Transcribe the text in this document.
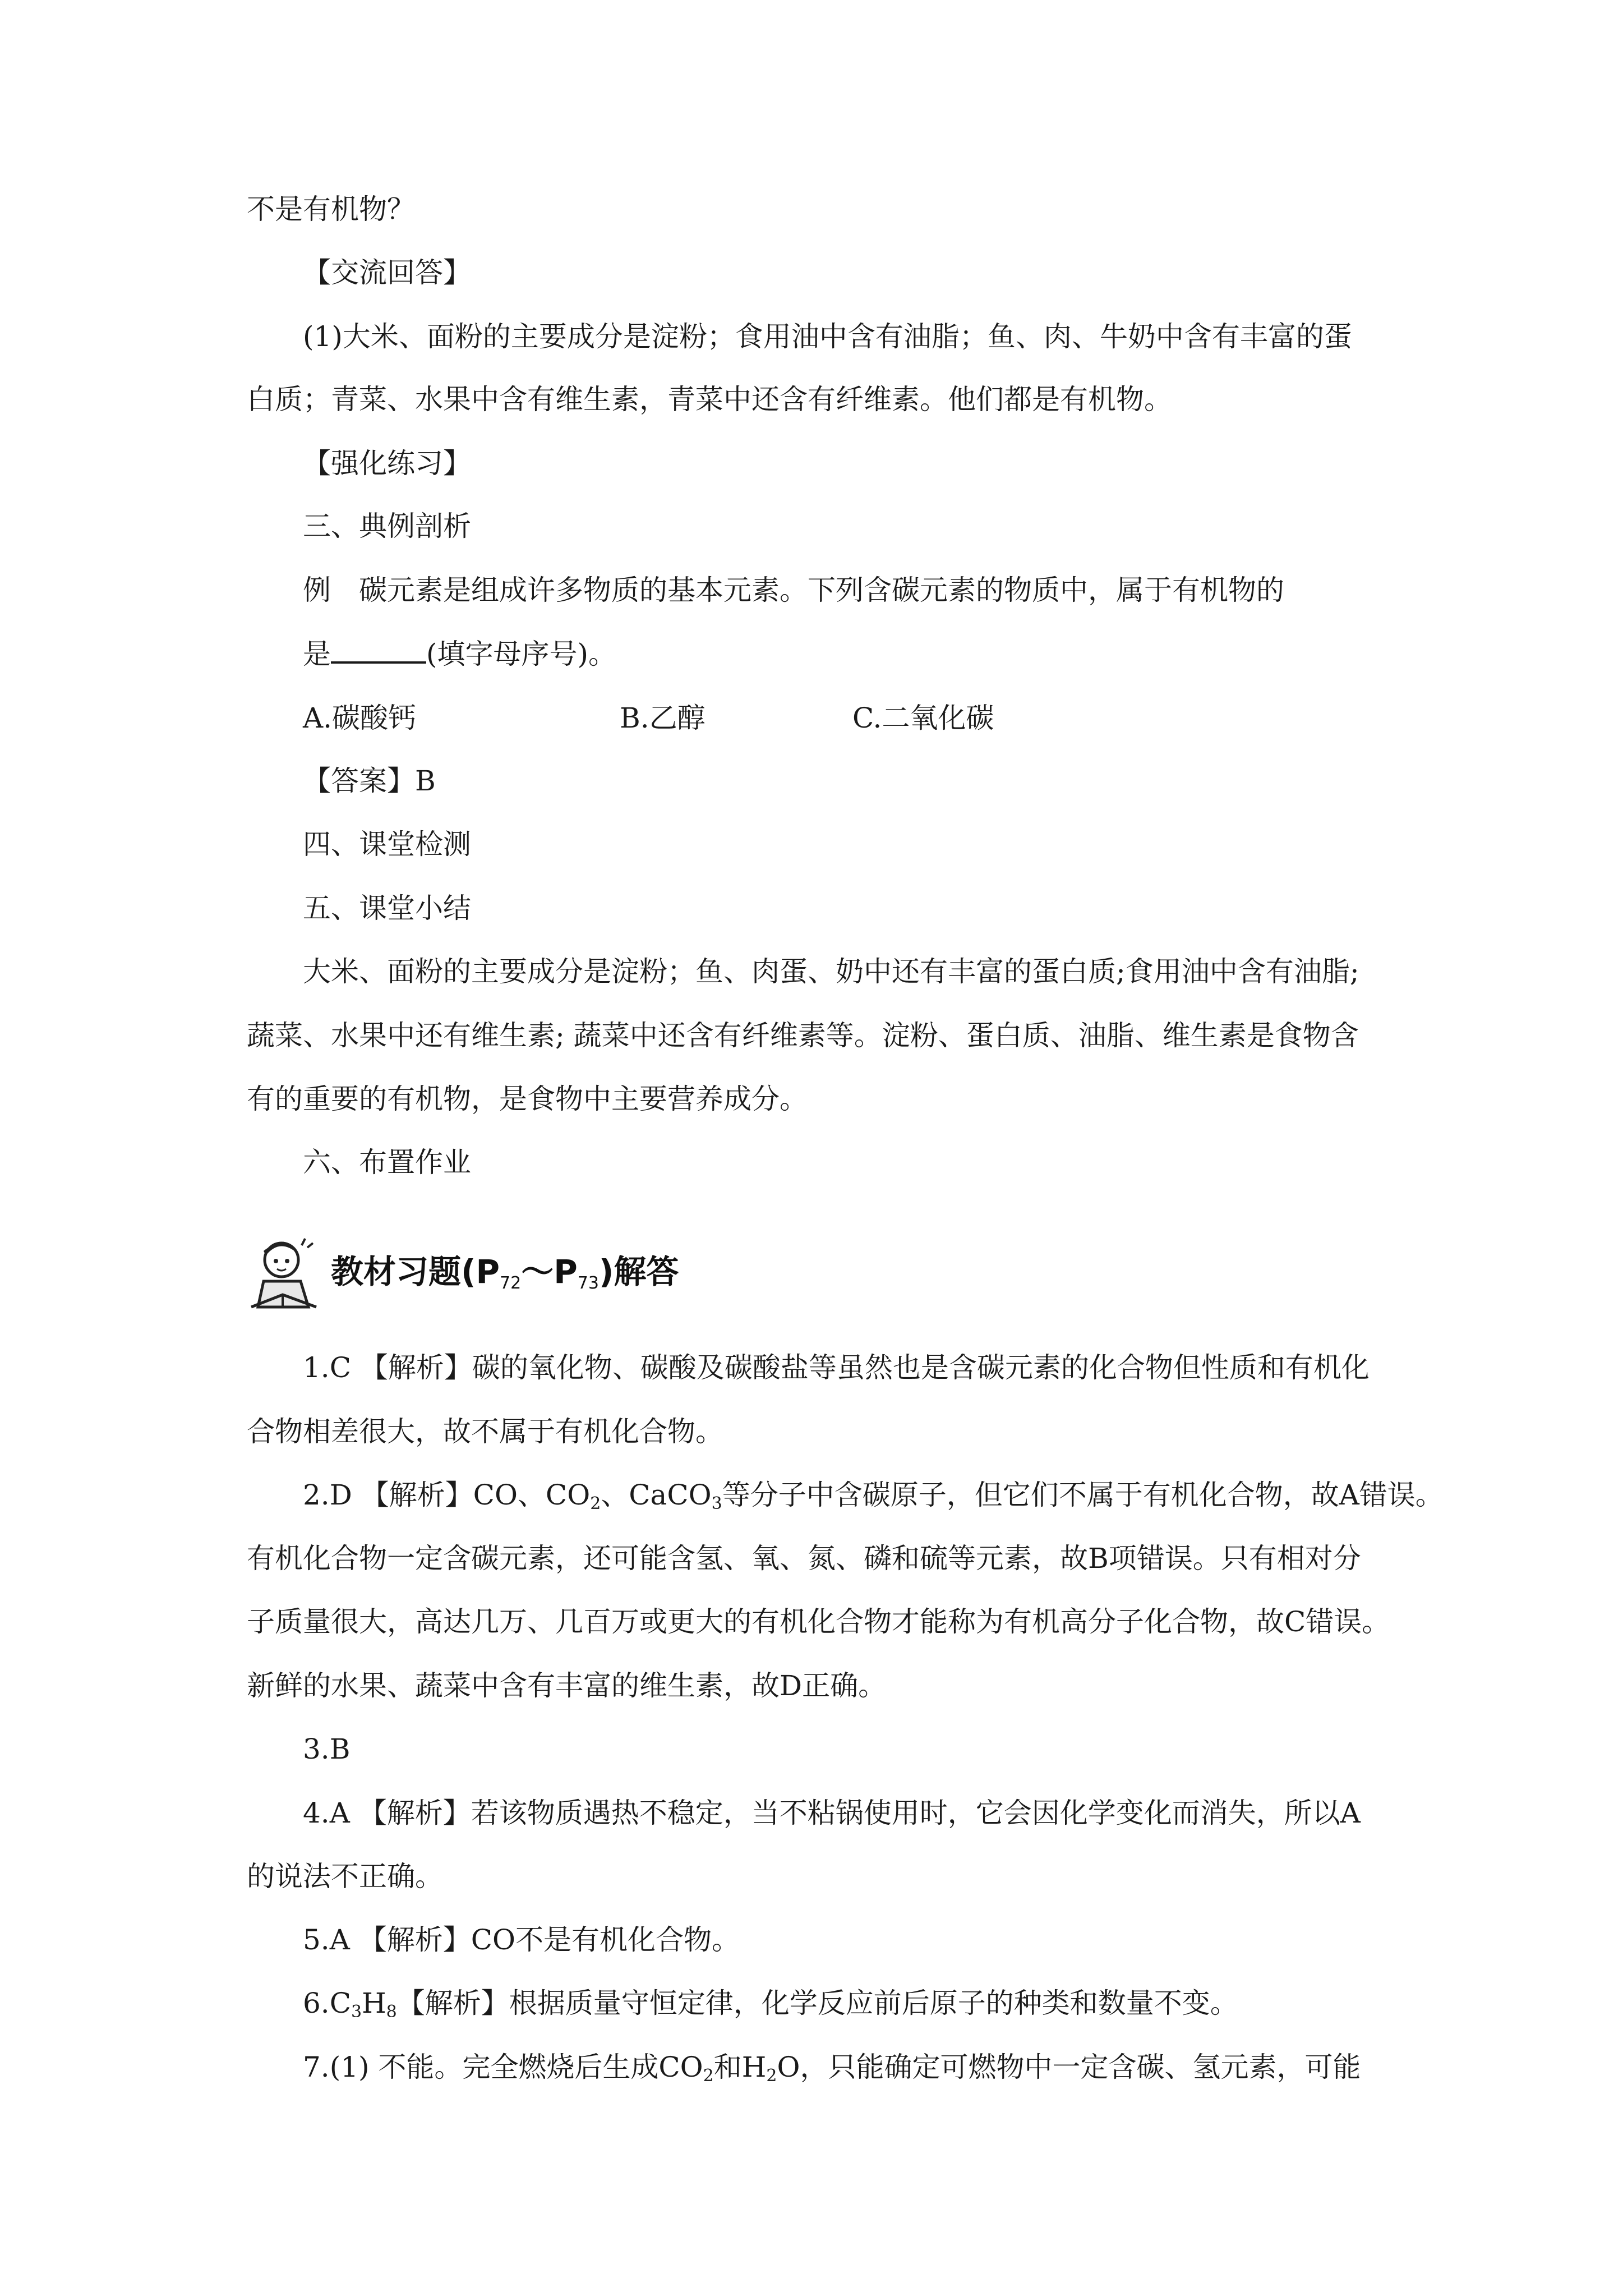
不是有机物？
【交流回答】
(1)大米、面粉的主要成分是淀粉；食用油中含有油脂；鱼、肉、牛奶中含有丰富的蛋
白质；青菜、水果中含有维生素，青菜中还含有纤维素。他们都是有机物。
【强化练习】
三、典例剖析
例　碳元素是组成许多物质的基本元素。下列含碳元素的物质中，属于有机物的
是	(填字母序号)。
A.碳酸钙	B.乙醇	C.二氧化碳
【答案】B
四、课堂检测
五、课堂小结
大米、面粉的主要成分是淀粉；鱼、肉蛋、奶中还有丰富的蛋白质;食用油中含有油脂;
蔬菜、水果中还有维生素; 蔬菜中还含有纤维素等。淀粉、蛋白质、油脂、维生素是食物含
有的重要的有机物，是食物中主要营养成分。
六、布置作业
教材习题(P72～P73)解答
1.C 【解析】碳的氧化物、碳酸及碳酸盐等虽然也是含碳元素的化合物但性质和有机化
合物相差很大，故不属于有机化合物。
2.D 【解析】CO、$CO_2$、CaCO$_3$等分子中含碳原子，但它们不属于有机化合物，故A错误。
有机化合物一定含碳元素，还可能含氢、氧、氮、磷和硫等元素，故B项错误。只有相对分
子质量很大，高达几万、几百万或更大的有机化合物才能称为有机高分子化合物，故C错误。
新鲜的水果、蔬菜中含有丰富的维生素，故D正确。
3.B
4.A 【解析】若该物质遇热不稳定，当不粘锅使用时，它会因化学变化而消失，所以A
的说法不正确。
5.A 【解析】CO不是有机化合物。
$6.C_3H_8$【解析】根据质量守恒定律，化学反应前后原子的种类和数量不变。
7.(1) 不能。完全燃烧后生成$CO_2$和$H_2O$，只能确定可燃物中一定含碳、氢元素，可能
